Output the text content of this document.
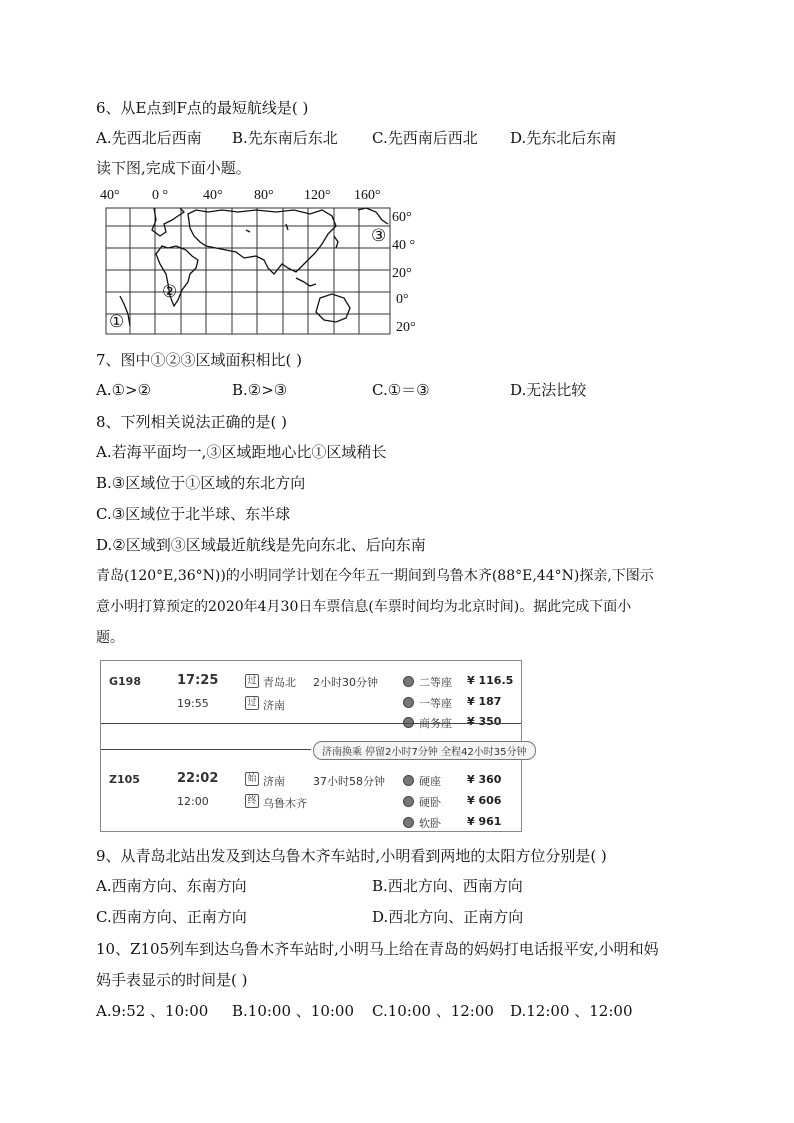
6、从E点到F点的最短航线是( )
A.先西北后西南 B.先东南后东北 C.先西南后西北 D.先东北后东南
读下图,完成下面小题。
40° 0 ° 40° 80° 120° 160°
60°
40 °
20°
0°
20°
①
②
③
7、图中①②③区域面积相比( )
A.①>②	B.②>③	C.①＝③	D.无法比较
8、下列相关说法正确的是( )
A.若海平面均一,③区域距地心比①区域稍长
B.③区域位于①区域的东北方向
C.③区域位于北半球、东半球
D.②区域到③区域最近航线是先向东北、后向东南
青岛(120°E,36°N))的小明同学计划在今年五一期间到乌鲁木齐(88°E,44°N)探亲,下图示
意小明打算预定的2020年4月30日车票信息(车票时间均为北京时间)。据此完成下面小
题。
G198	17:25
19:55
过 青岛北
过 济南
2小时30分钟	二等座 ¥ 116.5
一等座 ¥ 187
商务座 ¥ 350
济南换乘 停留2小时7分钟 全程42小时35分钟
Z105	22:02
12:00
始 济南
终 乌鲁木齐
37小时58分钟	硬座 ¥ 360
硬卧 ¥ 606
软卧 ¥ 961
9、从青岛北站出发及到达乌鲁木齐车站时,小明看到两地的太阳方位分别是( )
A.西南方向、东南方向	B.西北方向、西南方向
C.西南方向、正南方向	D.西北方向、正南方向
10、Z105列车到达乌鲁木齐车站时,小明马上给在青岛的妈妈打电话报平安,小明和妈
妈手表显示的时间是( )
A.9:52 、10:00 B.10:00 、10:00 C.10:00 、12:00 D.12:00 、12:00
